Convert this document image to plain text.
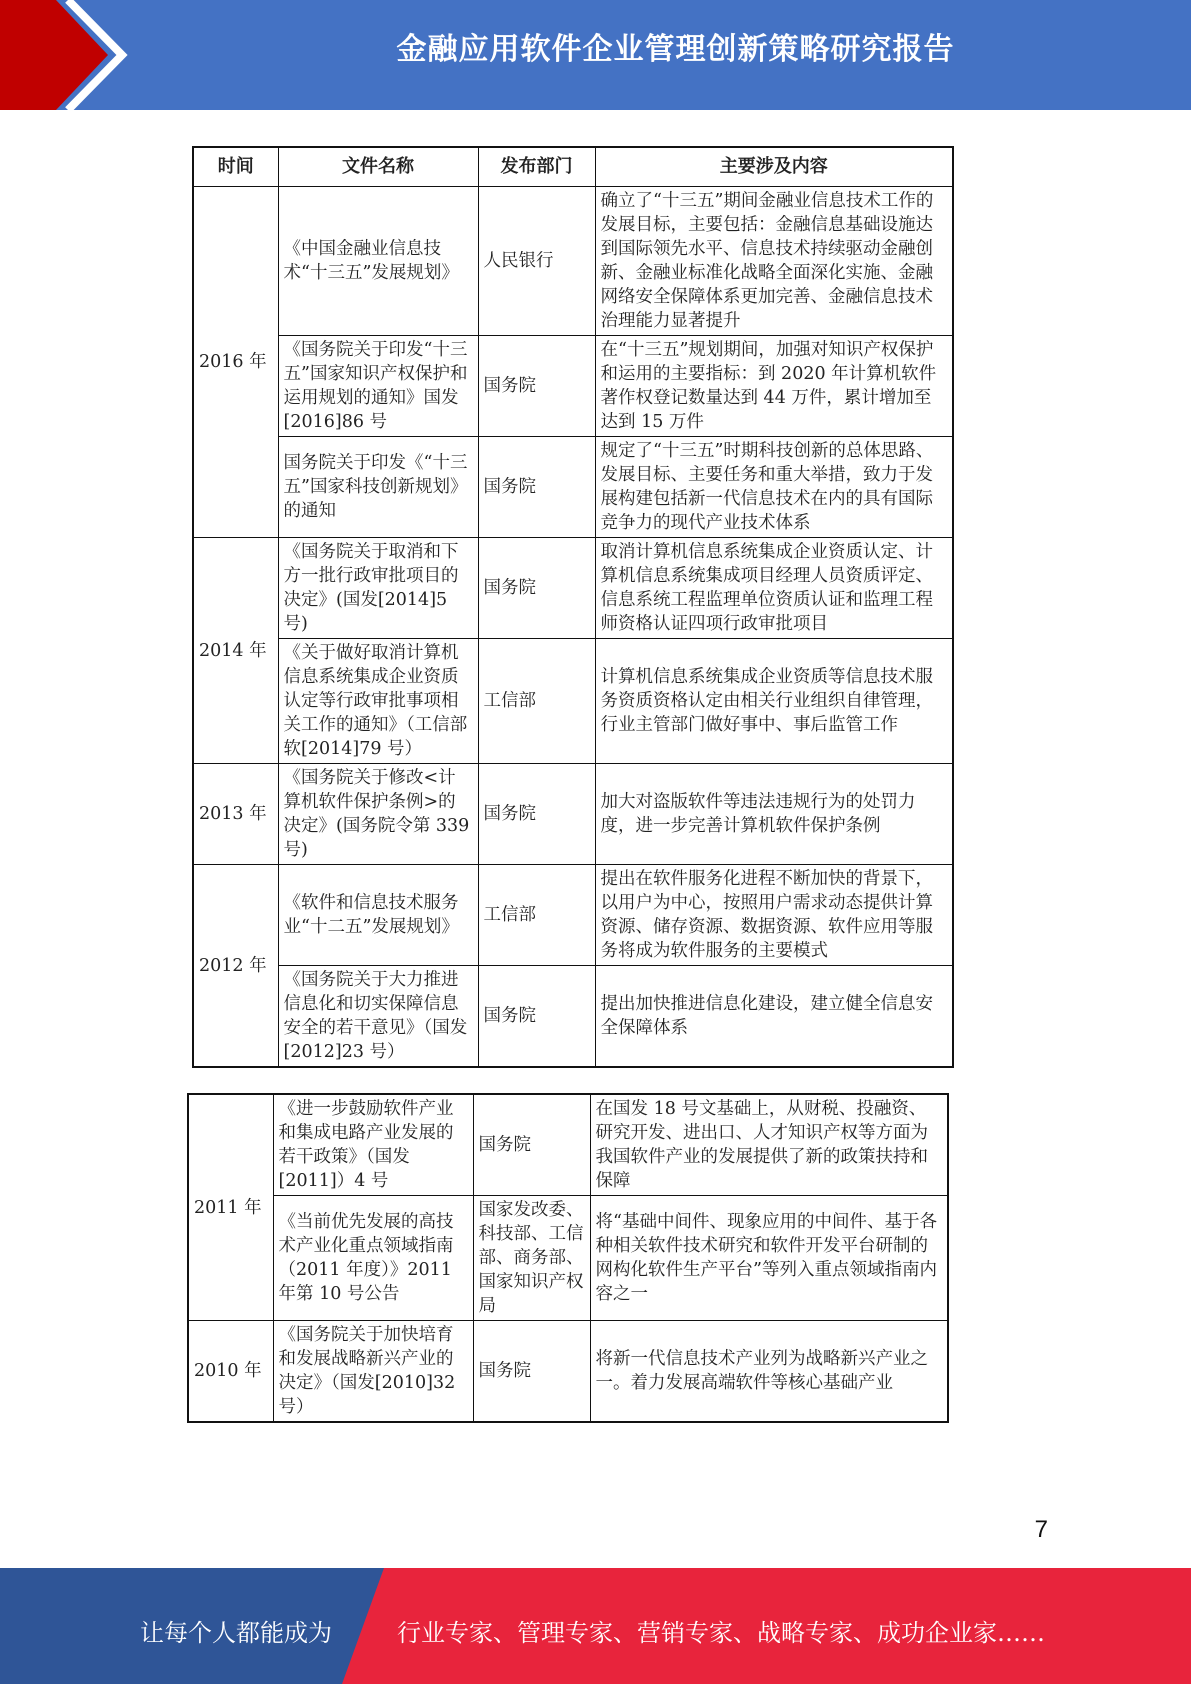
金融应用软件企业管理创新策略研究报告
时间	文件名称	发布部门	主要涉及内容
2016 年	《中国金融业信息技术“十三五”发展规划》	人民银行	确立了“十三五”期间金融业信息技术工作的发展目标，主要包括：金融信息基础设施达到国际领先水平、信息技术持续驱动金融创新、金融业标准化战略全面深化实施、金融网络安全保障体系更加完善、金融信息技术治理能力显著提升
	《国务院关于印发“十三五”国家知识产权保护和运用规划的通知》国发[2016]86 号	国务院	在“十三五”规划期间，加强对知识产权保护和运用的主要指标：到 2020 年计算机软件著作权登记数量达到 44 万件，累计增加至达到 15 万件
	国务院关于印发《“十三五”国家科技创新规划》的通知	国务院	规定了“十三五”时期科技创新的总体思路、发展目标、主要任务和重大举措，致力于发展构建包括新一代信息技术在内的具有国际竞争力的现代产业技术体系
2014 年	《国务院关于取消和下方一批行政审批项目的决定》(国发[2014]5 号)	国务院	取消计算机信息系统集成企业资质认定、计算机信息系统集成项目经理人员资质评定、信息系统工程监理单位资质认证和监理工程师资格认证四项行政审批项目
	《关于做好取消计算机信息系统集成企业资质认定等行政审批事项相关工作的通知》（工信部软[2014]79 号）	工信部	计算机信息系统集成企业资质等信息技术服务资质资格认定由相关行业组织自律管理，行业主管部门做好事中、事后监管工作
2013 年	《国务院关于修改<计算机软件保护条例>的决定》(国务院令第 339 号)	国务院	加大对盗版软件等违法违规行为的处罚力度，进一步完善计算机软件保护条例
2012 年	《软件和信息技术服务业“十二五”发展规划》	工信部	提出在软件服务化进程不断加快的背景下，以用户为中心，按照用户需求动态提供计算资源、储存资源、数据资源、软件应用等服务将成为软件服务的主要模式
	《国务院关于大力推进信息化和切实保障信息安全的若干意见》（国发[2012]23 号）	国务院	提出加快推进信息化建设，建立健全信息安全保障体系
2011 年	《进一步鼓励软件产业和集成电路产业发展的若干政策》（国发[2011]）4 号	国务院	在国发 18 号文基础上，从财税、投融资、研究开发、进出口、人才知识产权等方面为我国软件产业的发展提供了新的政策扶持和保障
	《当前优先发展的高技术产业化重点领域指南（2011 年度）》2011 年第 10 号公告	国家发改委、科技部、工信部、商务部、国家知识产权局	将“基础中间件、现象应用的中间件、基于各种相关软件技术研究和软件开发平台研制的网构化软件生产平台”等列入重点领域指南内容之一
2010 年	《国务院关于加快培育和发展战略新兴产业的决定》（国发[2010]32 号）	国务院	将新一代信息技术产业列为战略新兴产业之一。着力发展高端软件等核心基础产业
7
让每个人都能成为	行业专家、管理专家、营销专家、战略专家、成功企业家……
